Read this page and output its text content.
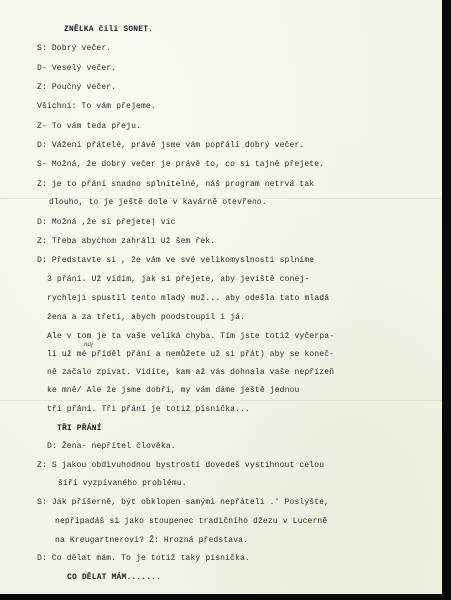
ZNĚLKA čili SONET.

S: Dobrý večer.

D- Veselý večer.

Z: Poučný večer.

Všichni: To vám přejeme.

Z- To vám teda přeju.

D: Vážení přátelé, právě jsme vám popřáli dobrý večer.

S- Možná, že dobrý večer je právě to, co si tajně přejete.

Z: je to přání snadno splnitelné, náš program netrvá tak

dlouho, to je ještě dole v kavárně otevřeno.

D: Možná ,že si přejete| víc

Z: Třeba abychom zahráli Už šem řek.

D: Představte si , že vám ve své velikomyslnosti splníme

3 přání. Už vidím, jak si přejete, aby jeviště conej-

rychleji spustil tento mladý muž... aby odešla tato mladá

žena a za třetí, abych poodstoupil i já.

Ale v tom je ta vaše veliká chyba. Tím jste totiž vyčerpa-

naj

li už mé příděl přání a nemůžete už si přát) aby se koneč-

ně začalo zpívat. Vidíte, kam až vás dohnala vaše nepřízeň

ke mně/ Ale že jsme dobří, my vám dáme ještě jednou

tři přání. Tři přání je totiž písnička...

TŘI PŘÁNÍ

D: Žena- nepřítel člověka.

Z: S jakou obdivuhodnou bystrostí dovedeš vystihnout celou

šíři vyzpívaného problému.

S: Jak příšerně, být obklopen samými nepřáteli .' Poslyšte,

nepřipadáš si jako stoupenec tradičního džezu v Lucerně

na Kreugartnerovi? Ž: Hrozná představa.

D: Co dělat mám. To je totiž taky písnička.

CO DĚLAT MÁM.......
